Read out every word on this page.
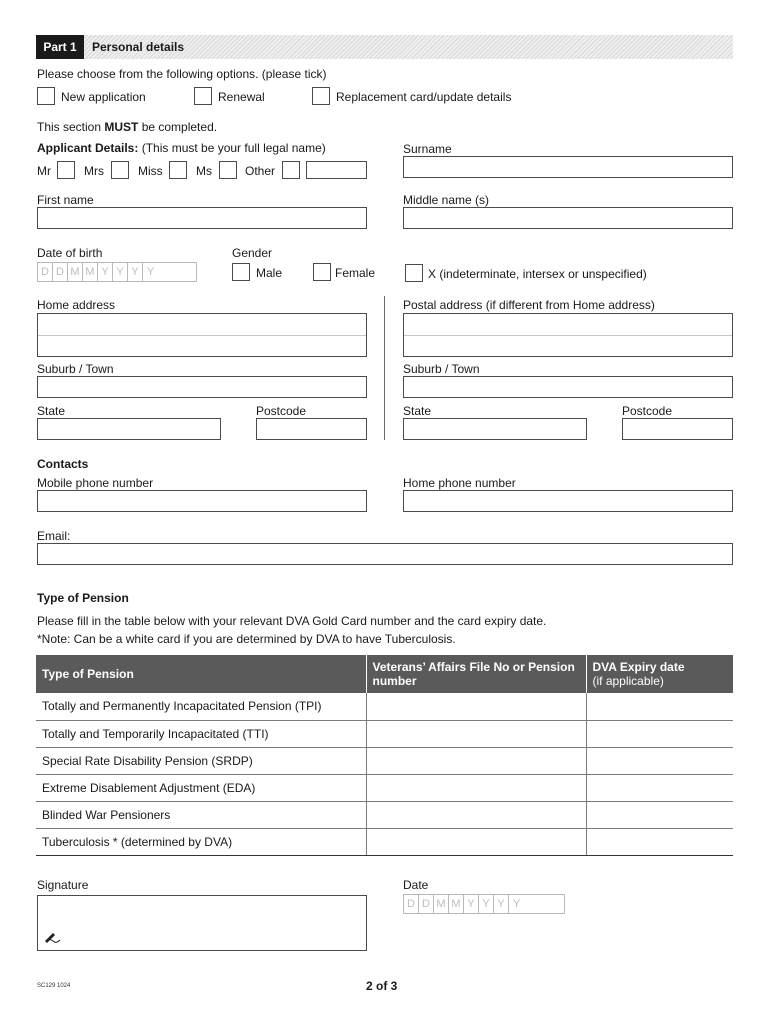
Part 1	Personal details
Please choose from the following options. (please tick)
New application	Renewal	Replacement card/update details
This section MUST be completed.
Applicant Details: (This must be your full legal name)
Mr	Mrs	Miss	Ms	Other
Surname
First name	Middle name (s)
Date of birth
D D M M Y Y Y Y
Gender
Male	Female	X (indeterminate, intersex or unspecified)
Home address	Postal address (if different from Home address)
Suburb / Town	Suburb / Town
State	Postcode	State	Postcode
Contacts
Mobile phone number	Home phone number
Email:
Type of Pension
Please fill in the table below with your relevant DVA Gold Card number and the card expiry date.
*Note: Can be a white card if you are determined by DVA to have Tuberculosis.
Type of Pension	Veterans’ Affairs File No or Pension number	DVA Expiry date
(if applicable)

Totally and Permanently Incapacitated Pension (TPI)		
Totally and Temporarily Incapacitated (TTI)		
Special Rate Disability Pension (SRDP)		
Extreme Disablement Adjustment (EDA)		
Blinded War Pensioners		
Tuberculosis * (determined by DVA)		
Signature	Date
D D M M Y Y Y Y
SC129 1024	2 of 3
